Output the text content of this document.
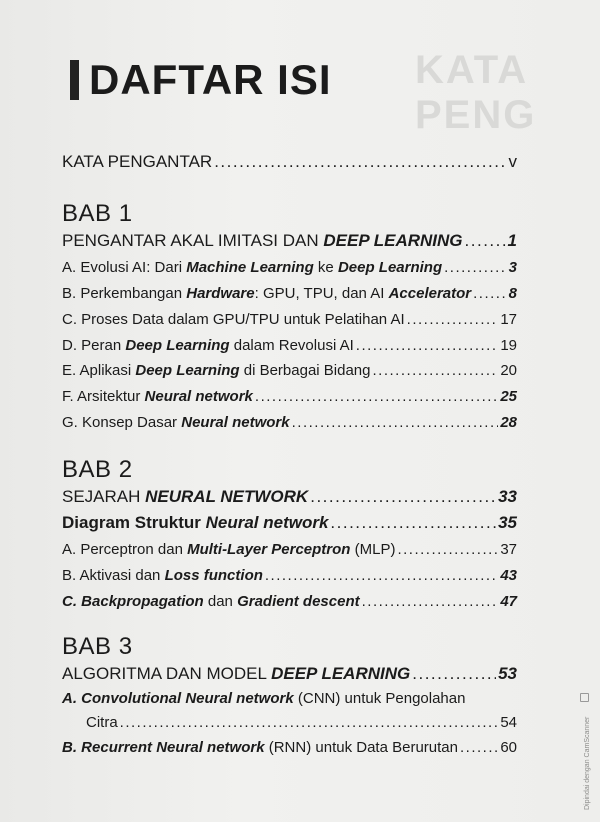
KATA PENG
DAFTAR ISI
KATA PENGANTAR .....	v
BAB 1
PENGANTAR AKAL IMITASI DAN DEEP LEARNING .....	1
A. Evolusi AI: Dari Machine Learning ke Deep Learning .....	3
B. Perkembangan Hardware: GPU, TPU, dan AI Accelerator .....	8
C. Proses Data dalam GPU/TPU untuk Pelatihan AI .....	17
D. Peran Deep Learning dalam Revolusi AI .....	19
E. Aplikasi Deep Learning di Berbagai Bidang .....	20
F. Arsitektur Neural network .....	25
G. Konsep Dasar Neural network .....	28
BAB 2
SEJARAH NEURAL NETWORK .....	33
Diagram Struktur Neural network .....	35
A. Perceptron dan Multi-Layer Perceptron (MLP) .....	37
B. Aktivasi dan Loss function .....	43
C. Backpropagation dan Gradient descent .....	47
BAB 3
ALGORITMA DAN MODEL DEEP LEARNING .....	53
A. Convolutional Neural network (CNN) untuk Pengolahan
Citra .....	54
B. Recurrent Neural network (RNN) untuk Data Berurutan .....	60	Dipindai dengan CamScanner
